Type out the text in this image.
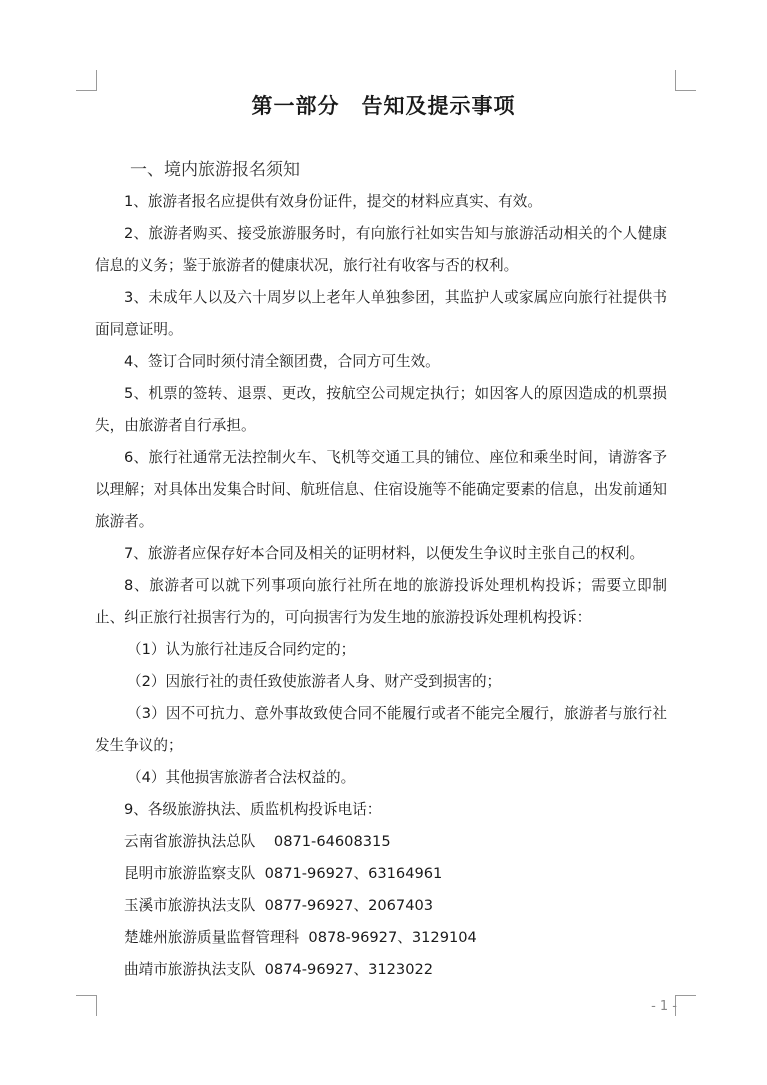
第一部分　告知及提示事项
一、境内旅游报名须知

1、旅游者报名应提供有效身份证件，提交的材料应真实、有效。

2、旅游者购买、接受旅游服务时，有向旅行社如实告知与旅游活动相关的个人健康信息的义务；鉴于旅游者的健康状况，旅行社有收客与否的权利。

3、未成年人以及六十周岁以上老年人单独参团，其监护人或家属应向旅行社提供书面同意证明。

4、签订合同时须付清全额团费，合同方可生效。

5、机票的签转、退票、更改，按航空公司规定执行；如因客人的原因造成的机票损失，由旅游者自行承担。

6、旅行社通常无法控制火车、飞机等交通工具的铺位、座位和乘坐时间，请游客予以理解；对具体出发集合时间、航班信息、住宿设施等不能确定要素的信息，出发前通知旅游者。

7、旅游者应保存好本合同及相关的证明材料，以便发生争议时主张自己的权利。

8、旅游者可以就下列事项向旅行社所在地的旅游投诉处理机构投诉；需要立即制止、纠正旅行社损害行为的，可向损害行为发生地的旅游投诉处理机构投诉：

（1）认为旅行社违反合同约定的；

（2）因旅行社的责任致使旅游者人身、财产受到损害的；

（3）因不可抗力、意外事故致使合同不能履行或者不能完全履行，旅游者与旅行社发生争议的；

（4）其他损害旅游者合法权益的。

9、各级旅游执法、质监机构投诉电话：

云南省旅游执法总队 0871-64608315

昆明市旅游监察支队 0871-96927、63164961

玉溪市旅游执法支队 0877-96927、2067403

楚雄州旅游质量监督管理科 0878-96927、3129104

曲靖市旅游执法支队 0874-96927、3123022

- 1 -
